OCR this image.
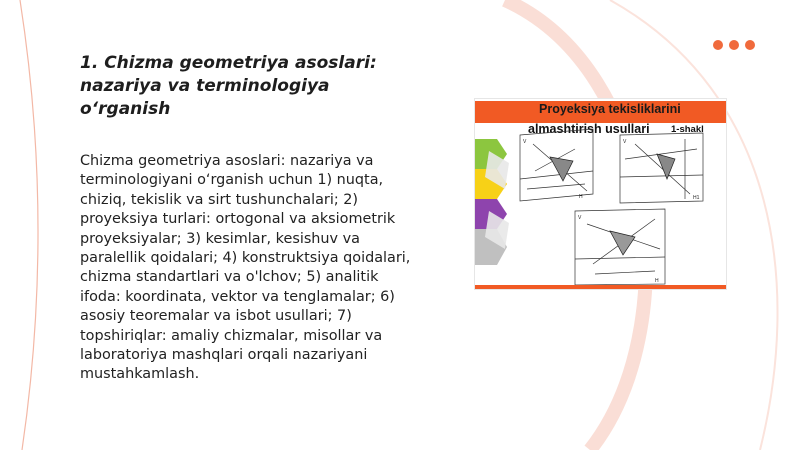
1. Chizma geometriya asoslari:
nazariya va terminologiya o‘rganish
Chizma geometriya asoslari: nazariya va terminologiyani o‘rganish uchun 1) nuqta, chiziq, tekislik va sirt tushunchalari; 2) proyeksiya turlari: ortogonal va aksiometrik proyeksiyalar; 3) kesimlar, kesishuv va paralellik qoidalari; 4) konstruktsiya qoidalari, chizma standartlari va o'lchov; 5) analitik ifoda: koordinata, vektor va tenglamalar; 6) asosiy teoremalar va isbot usullari; 7) topshiriqlar: amaliy chizmalar, misollar va laboratoriya mashqlari orqali nazariyani mustahkamlash.
Proyeksiya tekisliklarini
almashtirish usullari 1-shakl
V
H
V
H1
V
H
